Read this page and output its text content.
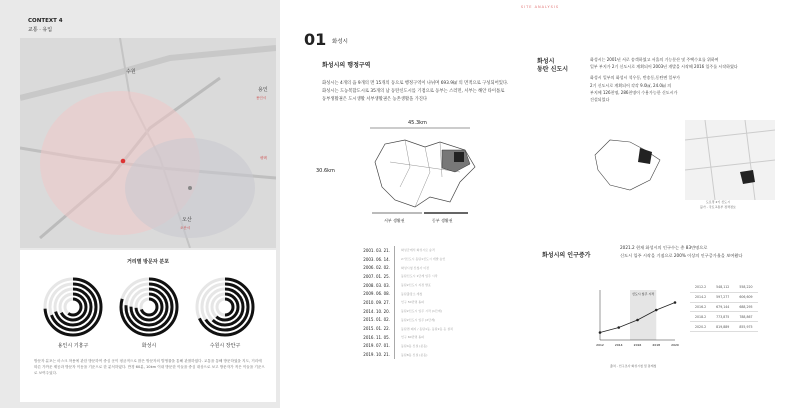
CONTEXT 4
교통 · 유입
수원
용인
용인시
평택
오산
오산시
거리별 방문자 분포
용인시 기흥구	화성시	수원시 장안구
방문자 분포는 마스크 착용에 관한 방문하여 중심 곳이 평균적으로 많은 방문자의 발생률을 통해 관찰하였다. 교통을 통해 방문하였을 지도, 거리에 따른 가까운 제공과 방문자 이동을 기준으로 한 분석하였다. 반경 60분, 10km 이내 방문한 이들을 중심 대상으로 보고 방문자가 적은 이들을 기준으로 보여주었다.
SITE ANALYSIS
01 화성시
화성시의 행정구역
화성시는 4개의 읍 9개의 면 15개의 동으로 행정구역이 나뉘며 693.9㎢ 의 면적으로 구성되어있다.
화성시는 도농복합도시로 35개의 남 동탄신도시를 기점으로 동부는 스러먼, 서부는 해안 타이틀로
동부생활권은 도시생활 서부생활권은 농촌생활을 가진다
45.3km
30.6km
서부 생활권	동부 생활권
화성시
동탄 신도시
화성시는 2001년 서로 송객하였고 서울의 기능분산 및 주택수요를 위하여
일부 부지가 2기 신도시로 계획되어 2003년 개발을 시작해 2016 입주를 시작하였다
화성시 일부의 화성시 석우동, 반송동,동탄면 일부가
2기 신도시로 계획되어 각각 9.0㎢, 24.0㎢ 의
부지에 126천명, 286천명이 수용가능한 신도시가
건설되었다
도로경 2기 신도시
불가 - 국토교통부 정책정보
2001. 03. 21.	화성군에서 화성시로 승격
2003. 06. 14.	2기신도시 동탄1신도시 개발 승인
2006. 02. 02.	화성시청 신청사 이전
2007. 01. 25.	동탄신도시 1단계 입주 시작
2008. 03. 03.	동탄2신도시 지정 발표
2009. 06. 08.	동탄출장소 개청
2010. 09. 27.	인구 50만명 돌파
2014. 10. 20.	동탄2신도시 입주 시작 (1단계)
2015. 01. 02.	동탄2신도시 입주 (2단계)
2015. 01. 22.	동탄면 폐지 / 동탄1동, 동탄2동 등 설치
2016. 11. 05.	인구 60만명 돌파
2019. 07. 01.	동탄4동 신설 (분동)
2019. 10. 21.	동탄8동 신설 (분동)
화성시의 인구증가
2021.2 현재 화성시의 인구수는 총 83만명으로
신도시 입주 시작을 기점으로 200% 이상의 인구증가율을 보여왔다
신도시 입주 시작
2012	2014	2016	2018	2020
출처 - 인구조사 화성시청 및 통계청
2012.2	548,112	558,220
2014.2	597,277	606,609
2016.2	679,144	688,295
2018.2	773,875	788,867
2020.2	819,889	855,975
